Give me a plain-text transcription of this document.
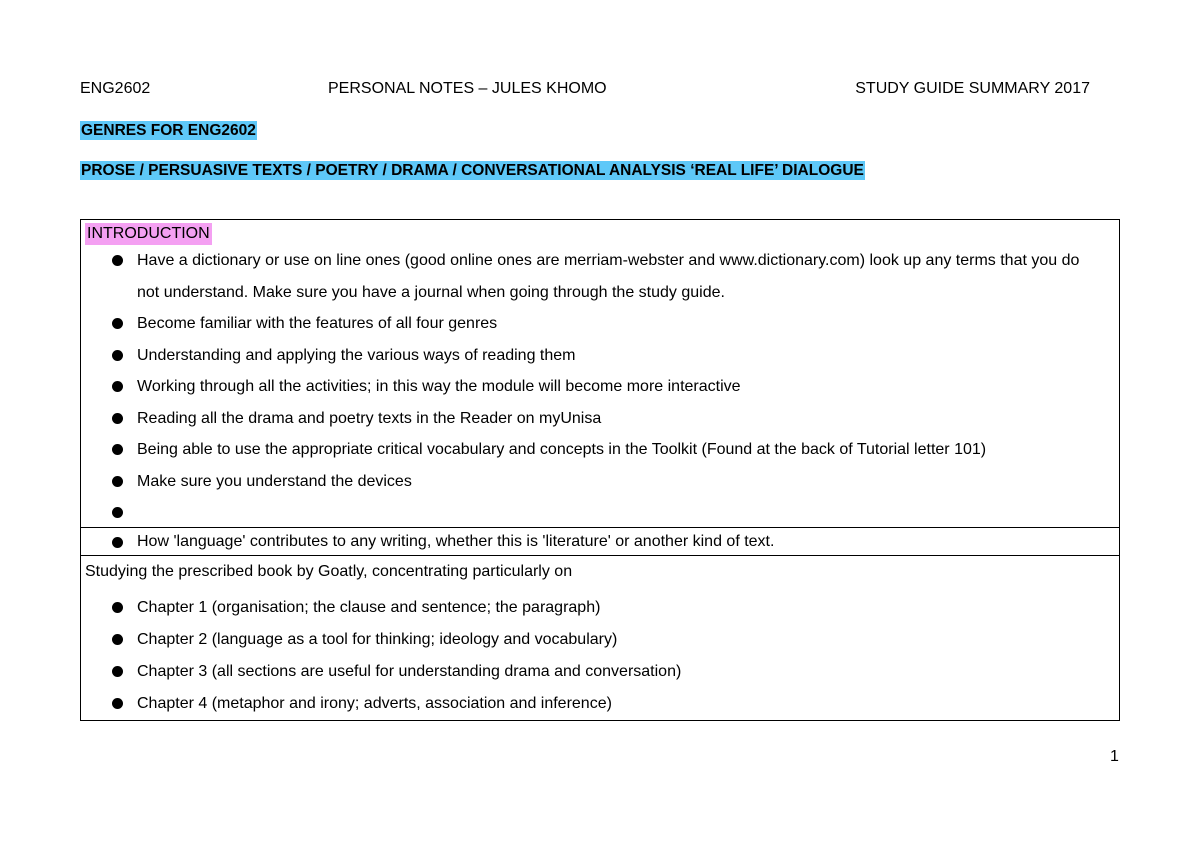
ENG2602	PERSONAL NOTES – JULES KHOMO	STUDY GUIDE SUMMARY 2017
GENRES FOR ENG2602
PROSE / PERSUASIVE TEXTS / POETRY / DRAMA / CONVERSATIONAL ANALYSIS ‘REAL LIFE’ DIALOGUE
INTRODUCTION
Have a dictionary or use on line ones (good online ones are merriam-webster and www.dictionary.com) look up any terms that you do not understand. Make sure you have a journal when going through the study guide.
Become familiar with the features of all four genres
Understanding and applying the various ways of reading them
Working through all the activities; in this way the module will become more interactive
Reading all the drama and poetry texts in the Reader on myUnisa
Being able to use the appropriate critical vocabulary and concepts in the Toolkit (Found at the back of Tutorial letter 101)
Make sure you understand the devices
How 'language' contributes to any writing, whether this is 'literature' or another kind of text.
Studying the prescribed book by Goatly, concentrating particularly on
Chapter 1 (organisation; the clause and sentence; the paragraph)
Chapter 2 (language as a tool for thinking; ideology and vocabulary)
Chapter 3 (all sections are useful for understanding drama and conversation)
Chapter 4 (metaphor and irony; adverts, association and inference)
1
